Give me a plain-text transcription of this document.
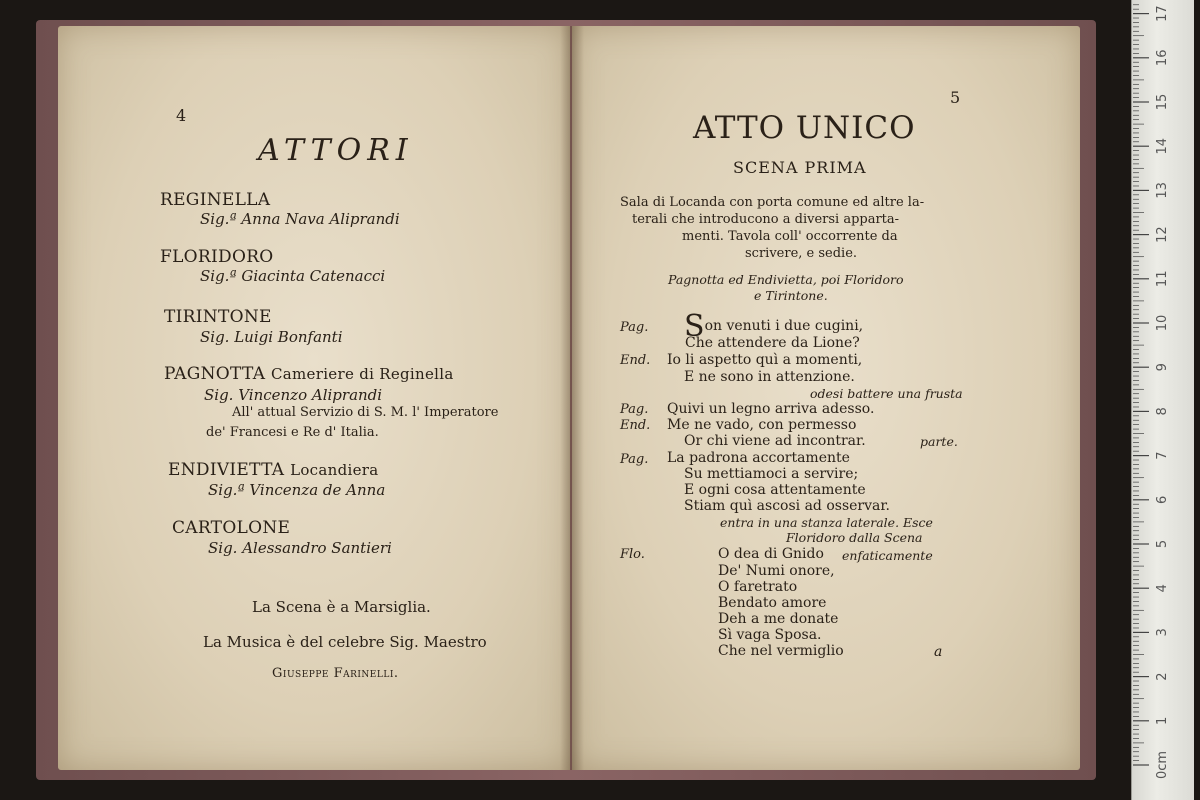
4
ATTORI
REGINELLA
Sig.ª Anna Nava Aliprandi
FLORIDORO
Sig.ª Giacinta Catenacci
TIRINTONE
Sig. Luigi Bonfanti
PAGNOTTA Cameriere di Reginella
Sig. Vincenzo Aliprandi
All' attual Servizio di S. M. l' Imperatore
de' Francesi e Re d' Italia.
ENDIVIETTA Locandiera
Sig.ª Vincenza de Anna
CARTOLONE
Sig. Alessandro Santieri
La Scena è a Marsiglia.
La Musica è del celebre Sig. Maestro
Giuseppe Farinelli.
5
ATTO UNICO
SCENA PRIMA
Sala di Locanda con porta comune ed altre la-
terali che introducono a diversi apparta-
menti. Tavola coll' occorrente da
scrivere, e sedie.
Pagnotta ed Endivietta, poi Floridoro
e Tirintone.
Pag. Son venuti i due cugini,
Che attendere da Lione?
End. Io li aspetto quì a momenti,
E ne sono in attenzione.
odesi battere una frusta
Pag. Quivi un legno arriva adesso.
End. Me ne vado, con permesso
Or chi viene ad incontrar.	parte.
Pag. La padrona accortamente
Su mettiamoci a servire;
E ogni cosa attentamente
Stiam quì ascosi ad osservar.
entra in una stanza laterale. Esce
Floridoro dalla Scena
Flo.	O dea di Gnido enfaticamente
De' Numi onore,
O faretrato
Bendato amore
Deh a me donate
Sì vaga Sposa.
Che nel vermiglio	a
0cm
1
2
3
4
5
6
7
8
9
10
11
12
13
14
15
16
17
